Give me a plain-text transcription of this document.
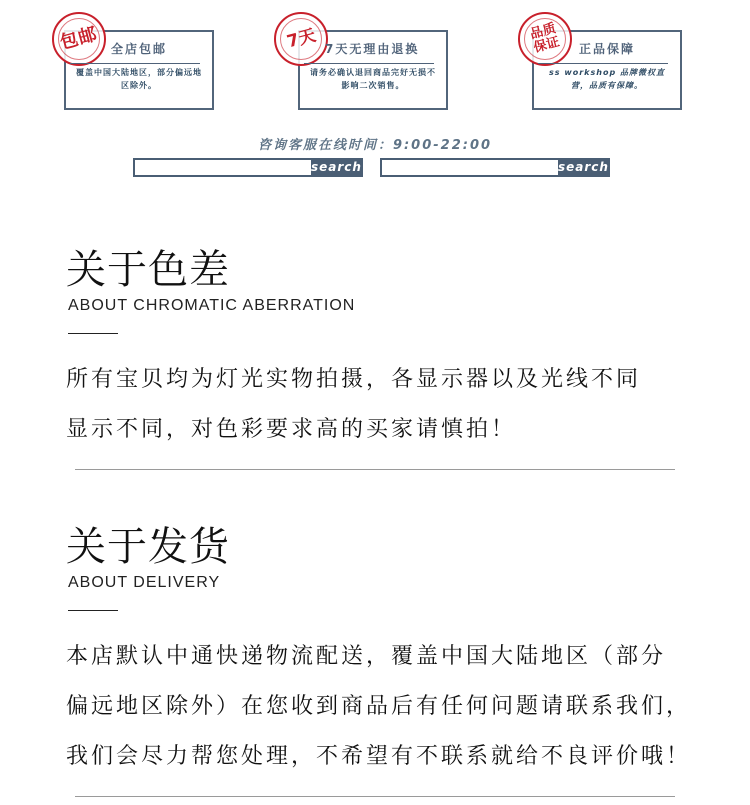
包邮 全店包邮
覆盖中国大陆地区，部分偏远地区除外。
7天 7天无理由退换
请务必确认退回商品完好无损不影响二次销售。
品质保证 正品保障
ss workshop 品牌微权直营，品质有保障。
咨询客服在线时间：9:00-22:00
search	search
关于色差
ABOUT CHROMATIC ABERRATION
所有宝贝均为灯光实物拍摄，各显示器以及光线不同
显示不同，对色彩要求高的买家请慎拍！
关于发货
ABOUT DELIVERY
本店默认中通快递物流配送，覆盖中国大陆地区（部分
偏远地区除外）在您收到商品后有任何问题请联系我们，
我们会尽力帮您处理，不希望有不联系就给不良评价哦！
